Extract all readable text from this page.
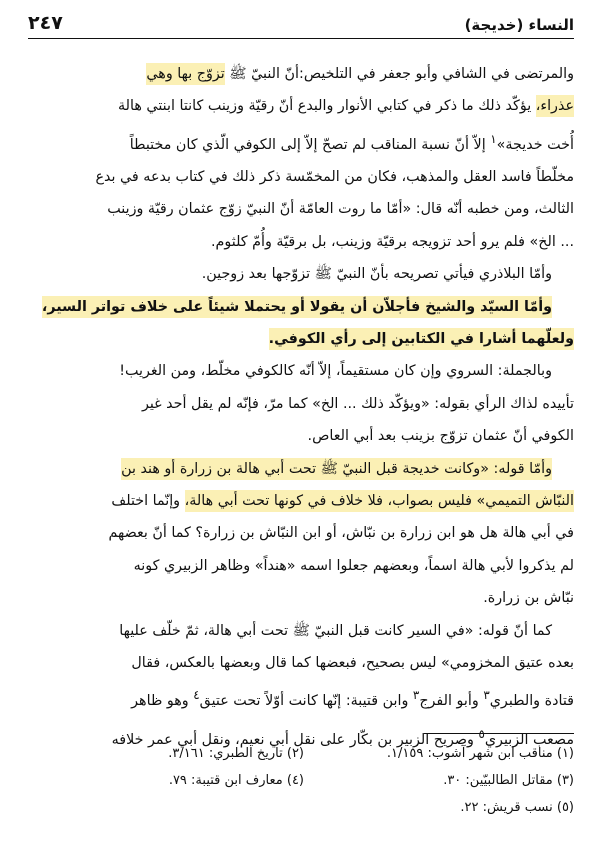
النساء (خديجة)
٢٤٧
والمرتضى في الشافي وأبو جعفر في التلخيص:أنّ النبيّ ﷺ تزوّج بها وهي
عذراء، يؤكّد ذلك ما ذكر في كتابي الأنوار والبدع أنّ رقيّة وزينب كانتا ابنتي هالة
أُخت خديجة»$^١$ إلاّ أنّ نسبة المناقب لم تصحّ إلاّ إلى الكوفي الّذي كان مختبطاً
مخلّطاً فاسد العقل والمذهب، فكان من المخمّسة ذكر ذلك في كتاب بدعه في بدع
الثالث، ومن خطبه أنّه قال: «أمّا ما روت العامّة أنّ النبيّ زوّج عثمان رقيّة وزينب
... الخ» فلم يرو أحد تزويجه برقيّة وزينب، بل برقيّة وأُمّ كلثوم.
وأمّا البلاذري فيأتي تصريحه بأنّ النبيّ ﷺ تزوّجها بعد زوجين.
وأمّا السيّد والشيخ فأجلاّن أن يقولا أو يحتملا شيئاً على خلاف تواتر السير،
ولعلّهما أشارا في الكتابين إلى رأي الكوفي.
وبالجملة: السروي وإن كان مستقيماً، إلاّ أنّه كالكوفي مخلّط، ومن الغريب!
تأييده لذاك الرأي بقوله: «ويؤكّد ذلك ... الخ» كما مرّ، فإنّه لم يقل أحد غير
الكوفي أنّ عثمان تزوّج بزينب بعد أبي العاص.
وأمّا قوله: «وكانت خديجة قبل النبيّ ﷺ تحت أبي هالة بن زرارة أو هند بن
النبّاش التميمي» فليس بصواب، فلا خلاف في كونها تحت أبي هالة، وإنّما اختلف
في أبي هالة هل هو ابن زرارة بن نبّاش، أو ابن النبّاش بن زرارة؟ كما أنّ بعضهم
لم يذكروا لأبي هالة اسماً، وبعضهم جعلوا اسمه «هنداً» وظاهر الزبيري كونه
نبّاش بن زرارة.
كما أنّ قوله: «في السير كانت قبل النبيّ ﷺ تحت أبي هالة، ثمّ خلّف عليها
بعده عتيق المخزومي» ليس بصحيح، فبعضها كما قال وبعضها بالعكس، فقال
قتادة والطبري$^٣$ وأبو الفرج$^٣$ وابن قتيبة: إنّها كانت أوّلاً تحت عتيق$^٤$ وهو ظاهر
مصعب الزبيري$^٥$ وصريح الزبير بن بكّار على نقل أبي نعيم، ونقل أبي عمر خلافه
(١) مناقب ابن شهر آشوب: ١/١٥٩.
(٢) تاريخ الطبري: ٣/١٦١.
(٣) مقاتل الطالبيّين: ٣٠.
(٤) معارف ابن قتيبة: ٧٩.
(٥) نسب قريش: ٢٢.
